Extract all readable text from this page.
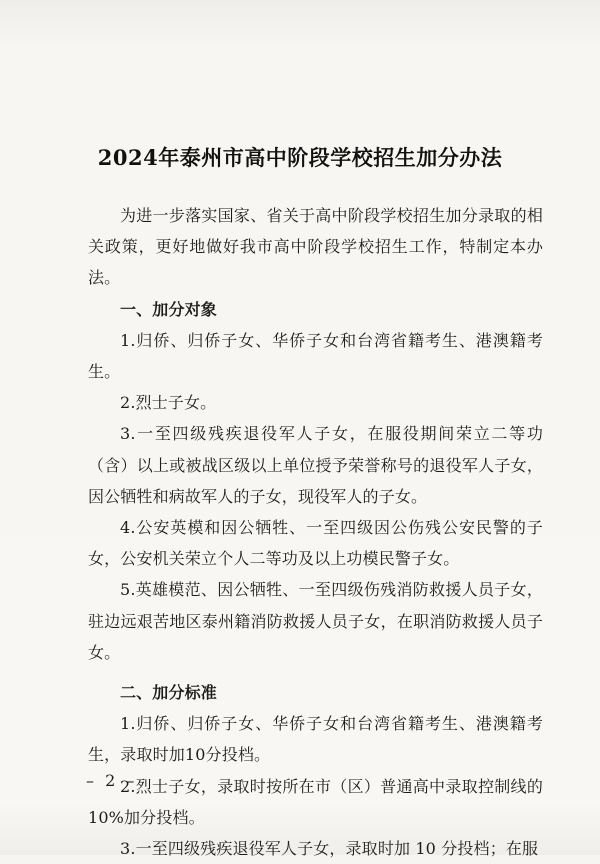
2024年泰州市高中阶段学校招生加分办法

为进一步落实国家、省关于高中阶段学校招生加分录取的相关政策，更好地做好我市高中阶段学校招生工作，特制定本办法。

一、加分对象

1.归侨、归侨子女、华侨子女和台湾省籍考生、港澳籍考生。

2.烈士子女。

3.一至四级残疾退役军人子女，在服役期间荣立二等功（含）以上或被战区级以上单位授予荣誉称号的退役军人子女，因公牺牲和病故军人的子女，现役军人的子女。

4.公安英模和因公牺牲、一至四级因公伤残公安民警的子女，公安机关荣立个人二等功及以上功模民警子女。

5.英雄模范、因公牺牲、一至四级伤残消防救援人员子女，驻边远艰苦地区泰州籍消防救援人员子女，在职消防救援人员子女。

二、加分标准

1.归侨、归侨子女、华侨子女和台湾省籍考生、港澳籍考生，录取时加10分投档。

2.烈士子女，录取时按所在市（区）普通高中录取控制线的10%加分投档。

3.一至四级残疾退役军人子女，录取时加 10 分投档；在服

– 2 –
